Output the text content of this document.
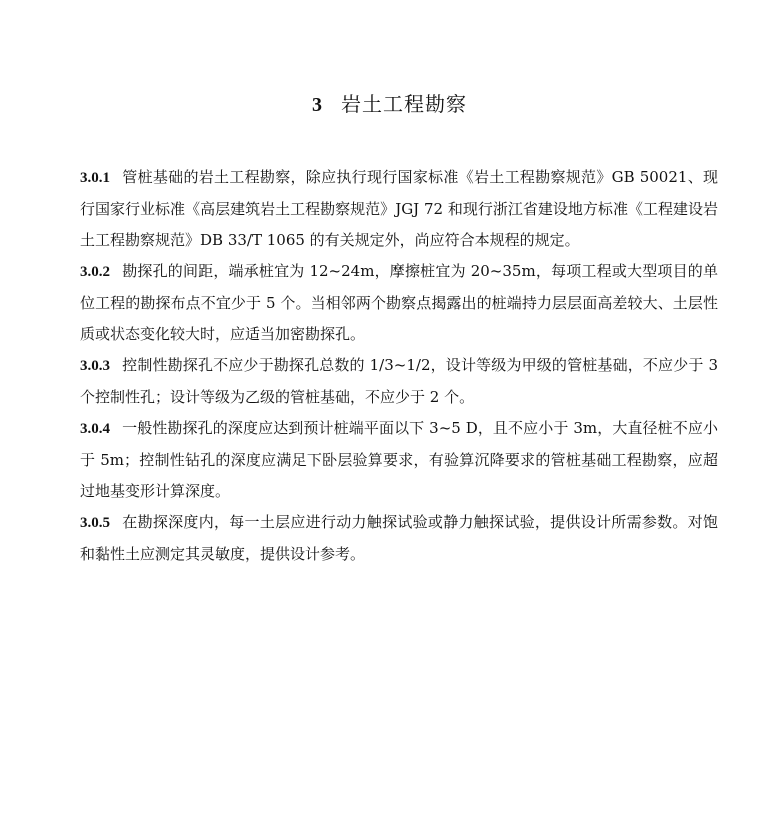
3 岩土工程勘察

3.0.1 管桩基础的岩土工程勘察，除应执行现行国家标准《岩土工程勘察规范》GB 50021、现行国家行业标准《高层建筑岩土工程勘察规范》JGJ 72 和现行浙江省建设地方标准《工程建设岩土工程勘察规范》DB 33/T 1065 的有关规定外，尚应符合本规程的规定。

3.0.2 勘探孔的间距，端承桩宜为 12~24m，摩擦桩宜为 20~35m，每项工程或大型项目的单位工程的勘探布点不宜少于 5 个。当相邻两个勘察点揭露出的桩端持力层层面高差较大、土层性质或状态变化较大时，应适当加密勘探孔。

3.0.3 控制性勘探孔不应少于勘探孔总数的 1/3~1/2，设计等级为甲级的管桩基础，不应少于 3 个控制性孔；设计等级为乙级的管桩基础，不应少于 2 个。

3.0.4 一般性勘探孔的深度应达到预计桩端平面以下 3~5 D，且不应小于 3m，大直径桩不应小于 5m；控制性钻孔的深度应满足下卧层验算要求，有验算沉降要求的管桩基础工程勘察，应超过地基变形计算深度。

3.0.5 在勘探深度内，每一土层应进行动力触探试验或静力触探试验，提供设计所需参数。对饱和黏性土应测定其灵敏度，提供设计参考。
